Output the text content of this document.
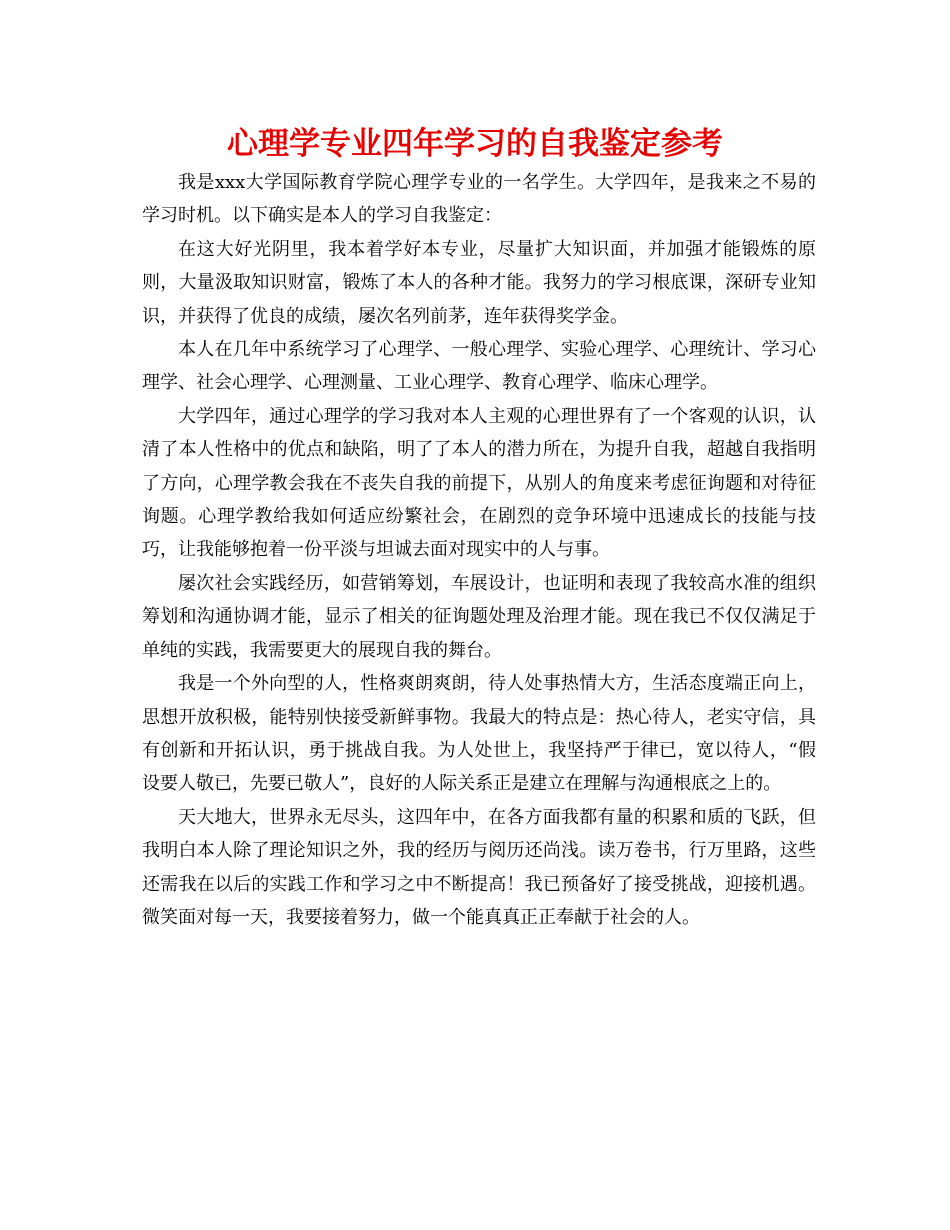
心理学专业四年学习的自我鉴定参考

我是xxx大学国际教育学院心理学专业的一名学生。大学四年，是我来之不易的学习时机。以下确实是本人的学习自我鉴定：

在这大好光阴里，我本着学好本专业，尽量扩大知识面，并加强才能锻炼的原则，大量汲取知识财富，锻炼了本人的各种才能。我努力的学习根底课，深研专业知识，并获得了优良的成绩，屡次名列前茅，连年获得奖学金。

本人在几年中系统学习了心理学、一般心理学、实验心理学、心理统计、学习心理学、社会心理学、心理测量、工业心理学、教育心理学、临床心理学。

大学四年，通过心理学的学习我对本人主观的心理世界有了一个客观的认识，认清了本人性格中的优点和缺陷，明了了本人的潜力所在，为提升自我，超越自我指明了方向，心理学教会我在不丧失自我的前提下，从别人的角度来考虑征询题和对待征询题。心理学教给我如何适应纷繁社会，在剧烈的竞争环境中迅速成长的技能与技巧，让我能够抱着一份平淡与坦诚去面对现实中的人与事。

屡次社会实践经历，如营销筹划，车展设计，也证明和表现了我较高水准的组织筹划和沟通协调才能，显示了相关的征询题处理及治理才能。现在我已不仅仅满足于单纯的实践，我需要更大的展现自我的舞台。

我是一个外向型的人，性格爽朗爽朗，待人处事热情大方，生活态度端正向上，思想开放积极，能特别快接受新鲜事物。我最大的特点是：热心待人，老实守信，具有创新和开拓认识，勇于挑战自我。为人处世上，我坚持严于律已，宽以待人，“假设要人敬已，先要已敬人”，良好的人际关系正是建立在理解与沟通根底之上的。

天大地大，世界永无尽头，这四年中，在各方面我都有量的积累和质的飞跃，但我明白本人除了理论知识之外，我的经历与阅历还尚浅。读万卷书，行万里路，这些还需我在以后的实践工作和学习之中不断提高！我已预备好了接受挑战，迎接机遇。微笑面对每一天，我要接着努力，做一个能真真正正奉献于社会的人。
